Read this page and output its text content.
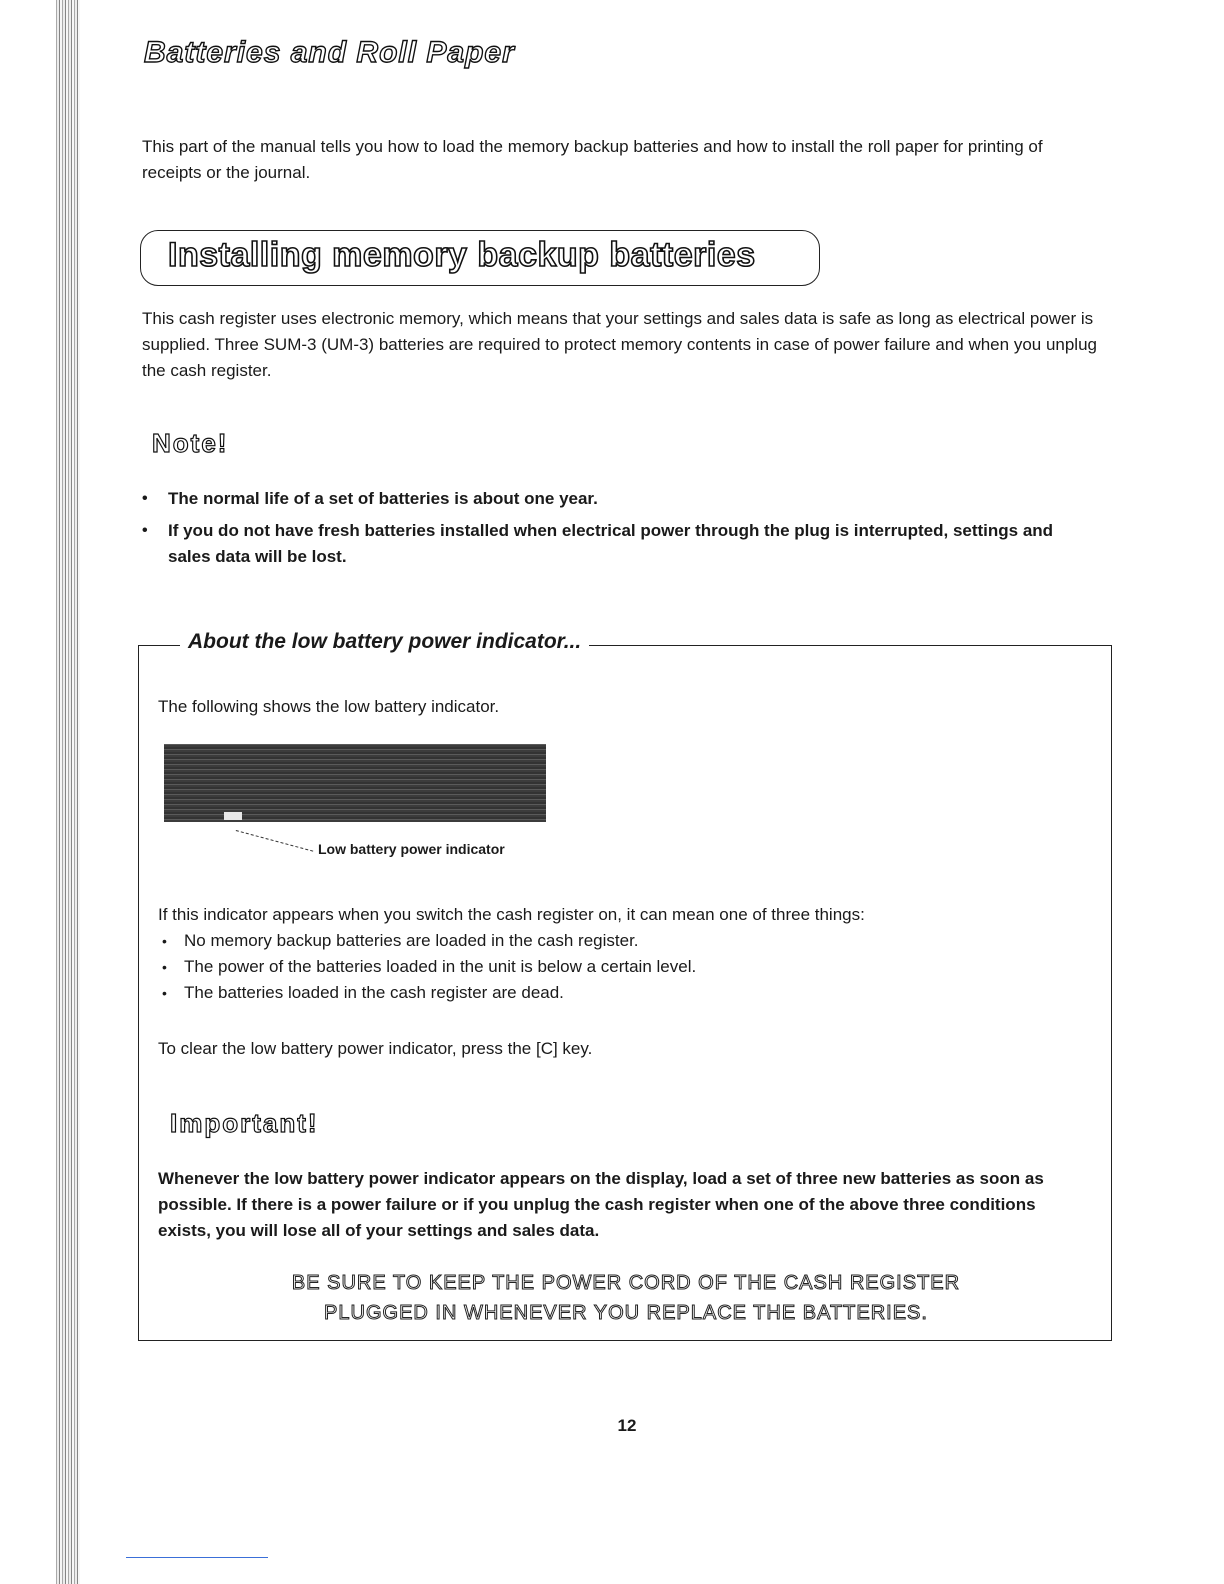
Batteries and Roll Paper

This part of the manual tells you how to load the memory backup batteries and how to install the roll paper for printing of receipts or the journal.

Installing memory backup batteries

This cash register uses electronic memory, which means that your settings and sales data is safe as long as electrical power is supplied. Three SUM-3 (UM-3) batteries are required to protect memory contents in case of power failure and when you unplug the cash register.

Note!
• The normal life of a set of batteries is about one year.
• If you do not have fresh batteries installed when electrical power through the plug is interrupted, settings and sales data will be lost.
About the low battery power indicator...

The following shows the low battery indicator.

Low battery power indicator

If this indicator appears when you switch the cash register on, it can mean one of three things:

• No memory backup batteries are loaded in the cash register.
• The power of the batteries loaded in the unit is below a certain level.
• The batteries loaded in the cash register are dead.

To clear the low battery power indicator, press the [C] key.

Important!

Whenever the low battery power indicator appears on the display, load a set of three new batteries as soon as possible. If there is a power failure or if you unplug the cash register when one of the above three conditions exists, you will lose all of your settings and sales data.

BE SURE TO KEEP THE POWER CORD OF THE CASH REGISTER
PLUGGED IN WHENEVER YOU REPLACE THE BATTERIES.

12
